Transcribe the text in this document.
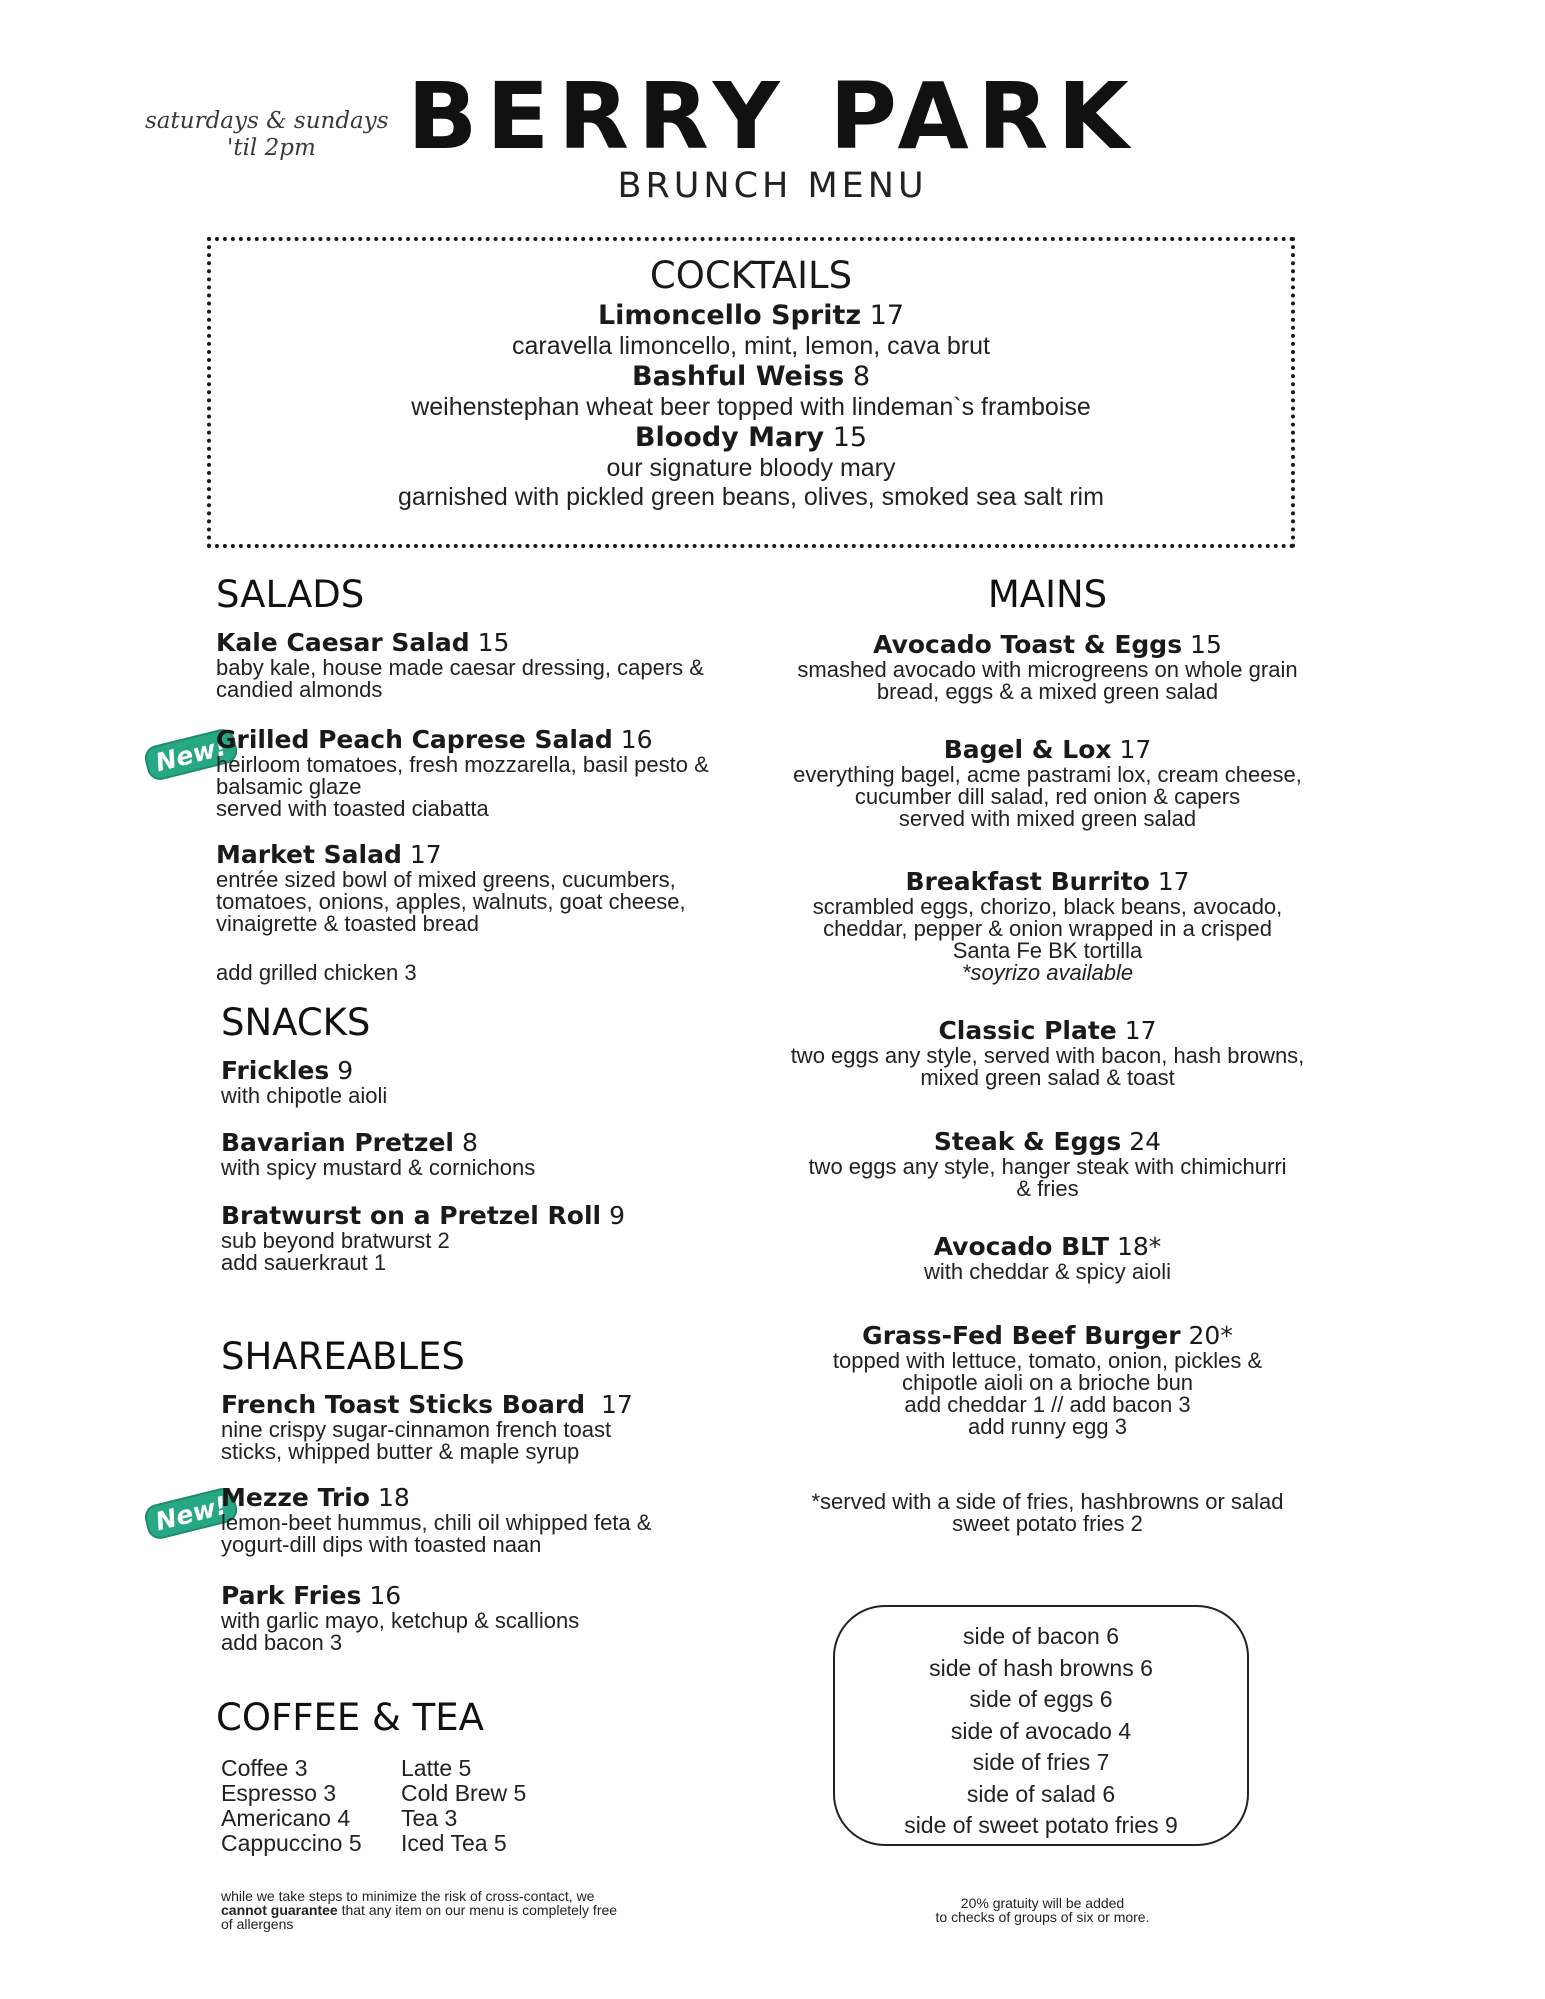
saturdays & sundays
'til 2pm BERRY PARK
BRUNCH MENU
COCKTAILS
Limoncello Spritz 17
caravella limoncello, mint, lemon, cava brut
Bashful Weiss 8
weihenstephan wheat beer topped with lindeman`s framboise
Bloody Mary 15
our signature bloody mary
garnished with pickled green beans, olives, smoked sea salt rim
SALADS
Kale Caesar Salad 15
baby kale, house made caesar dressing, capers &
candied almonds
New!
Grilled Peach Caprese Salad 16
heirloom tomatoes, fresh mozzarella, basil pesto &
balsamic glaze
served with toasted ciabatta
Market Salad 17
entrée sized bowl of mixed greens, cucumbers,
tomatoes, onions, apples, walnuts, goat cheese,
vinaigrette & toasted bread
add grilled chicken 3
SNACKS
Frickles 9
with chipotle aioli
Bavarian Pretzel 8
with spicy mustard & cornichons
Bratwurst on a Pretzel Roll 9
sub beyond bratwurst 2
add sauerkraut 1
SHAREABLES
French Toast Sticks Board 17
nine crispy sugar-cinnamon french toast
sticks, whipped butter & maple syrup
New!
Mezze Trio 18
lemon-beet hummus, chili oil whipped feta &
yogurt-dill dips with toasted naan
Park Fries 16
with garlic mayo, ketchup & scallions
add bacon 3
COFFEE & TEA
Coffee 3
Espresso 3
Americano 4
Cappuccino 5
Latte 5
Cold Brew 5
Tea 3
Iced Tea 5
MAINS
Avocado Toast & Eggs 15
smashed avocado with microgreens on whole grain
bread, eggs & a mixed green salad
Bagel & Lox 17
everything bagel, acme pastrami lox, cream cheese,
cucumber dill salad, red onion & capers
served with mixed green salad
Breakfast Burrito 17
scrambled eggs, chorizo, black beans, avocado,
cheddar, pepper & onion wrapped in a crisped
Santa Fe BK tortilla
*soyrizo available
Classic Plate 17
two eggs any style, served with bacon, hash browns,
mixed green salad & toast
Steak & Eggs 24
two eggs any style, hanger steak with chimichurri
& fries
Avocado BLT 18*
with cheddar & spicy aioli
Grass-Fed Beef Burger 20*
topped with lettuce, tomato, onion, pickles &
chipotle aioli on a brioche bun
add cheddar 1 // add bacon 3
add runny egg 3
*served with a side of fries, hashbrowns or salad
sweet potato fries 2
side of bacon 6
side of hash browns 6
side of eggs 6
side of avocado 4
side of fries 7
side of salad 6
side of sweet potato fries 9
while we take steps to minimize the risk of cross-contact, we
cannot guarantee that any item on our menu is completely free
of allergens
20% gratuity will be added
to checks of groups of six or more.
